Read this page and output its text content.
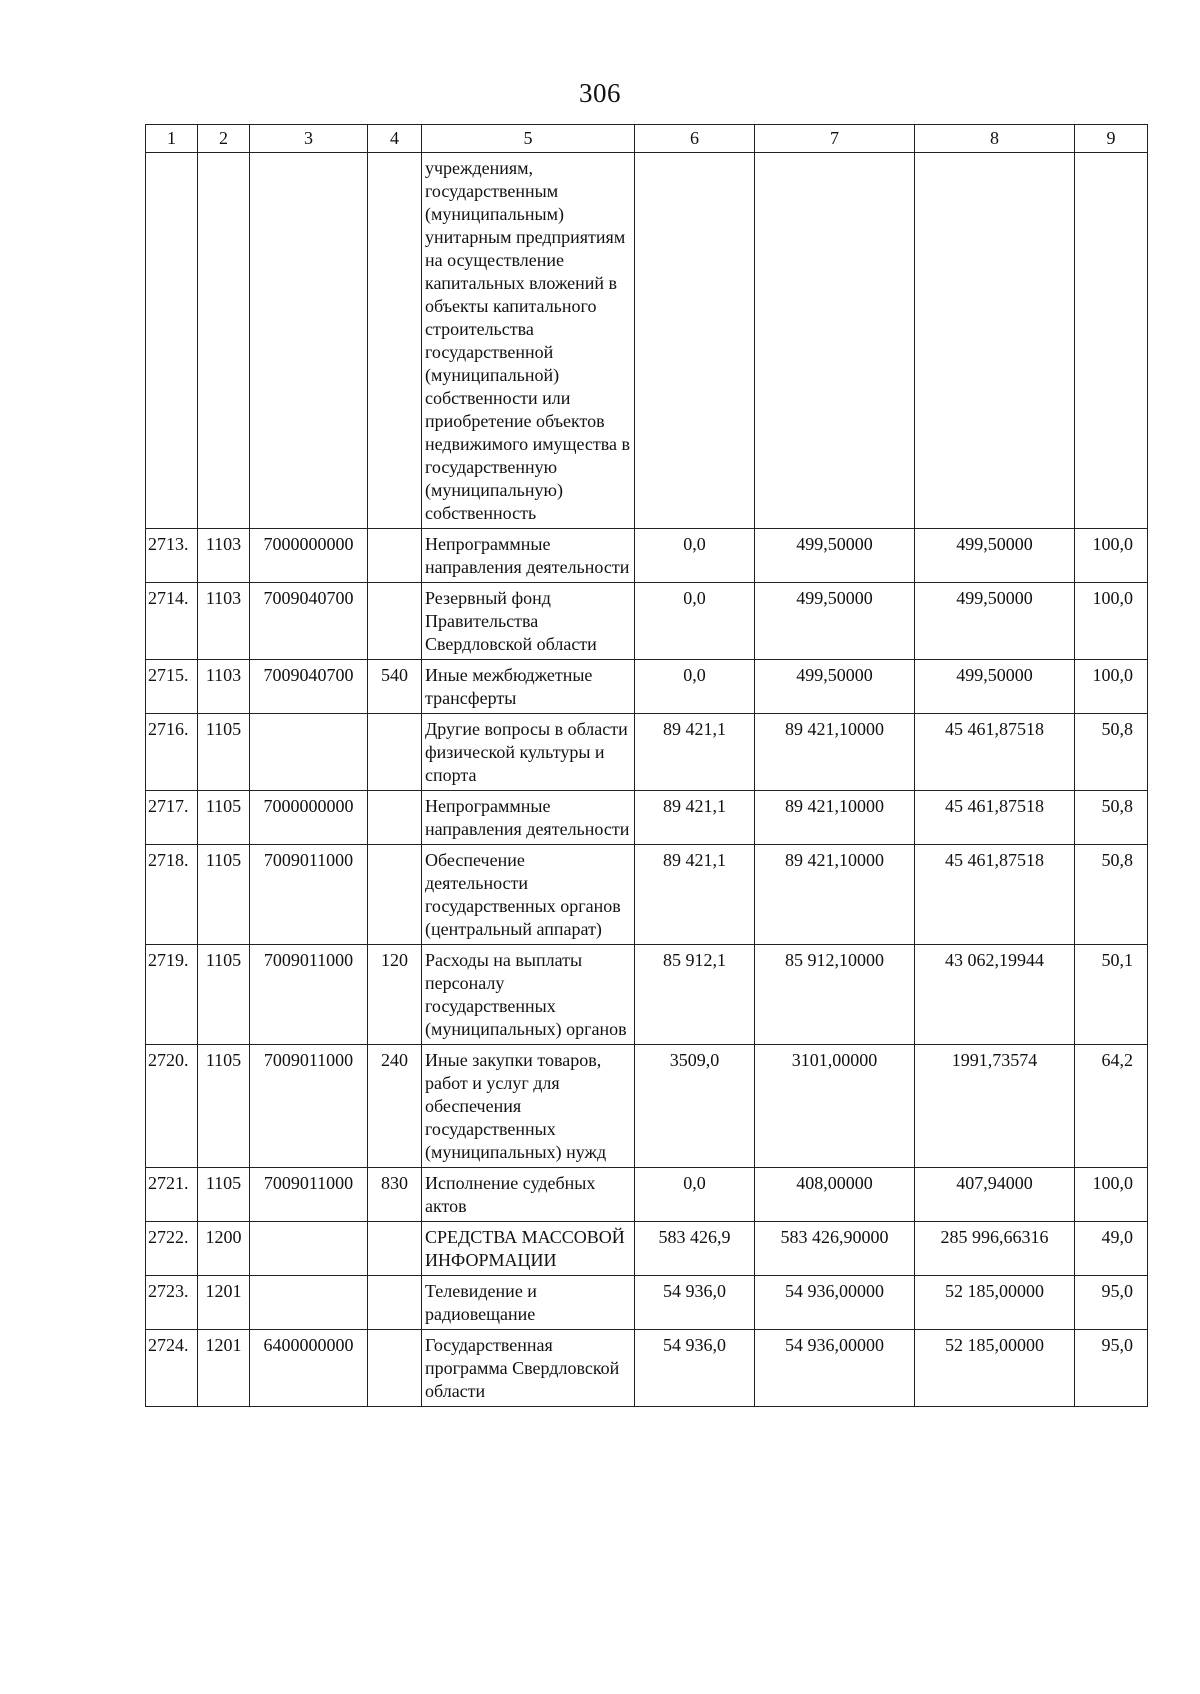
306
1	2	3	4	5	6	7	8	9
				учреждениям, государственным (муниципальным) унитарным предприятиям на осуществление капитальных вложений в объекты капитального строительства государственной (муниципальной) собственности или приобретение объектов недвижимого имущества в государственную (муниципальную) собственность				
2713.	1103	7000000000		Непрограммные направления деятельности	0,0	499,50000	499,50000	100,0
2714.	1103	7009040700		Резервный фонд Правительства Свердловской области	0,0	499,50000	499,50000	100,0
2715.	1103	7009040700	540	Иные межбюджетные трансферты	0,0	499,50000	499,50000	100,0
2716.	1105			Другие вопросы в области физической культуры и спорта	89 421,1	89 421,10000	45 461,87518	50,8
2717.	1105	7000000000		Непрограммные направления деятельности	89 421,1	89 421,10000	45 461,87518	50,8
2718.	1105	7009011000		Обеспечение деятельности государственных органов (центральный аппарат)	89 421,1	89 421,10000	45 461,87518	50,8
2719.	1105	7009011000	120	Расходы на выплаты персоналу государственных (муниципальных) органов	85 912,1	85 912,10000	43 062,19944	50,1
2720.	1105	7009011000	240	Иные закупки товаров, работ и услуг для обеспечения государственных (муниципальных) нужд	3509,0	3101,00000	1991,73574	64,2
2721.	1105	7009011000	830	Исполнение судебных актов	0,0	408,00000	407,94000	100,0
2722.	1200			СРЕДСТВА МАССОВОЙ ИНФОРМАЦИИ	583 426,9	583 426,90000	285 996,66316	49,0
2723.	1201			Телевидение и радиовещание	54 936,0	54 936,00000	52 185,00000	95,0
2724.	1201	6400000000		Государственная программа Свердловской области	54 936,0	54 936,00000	52 185,00000	95,0
